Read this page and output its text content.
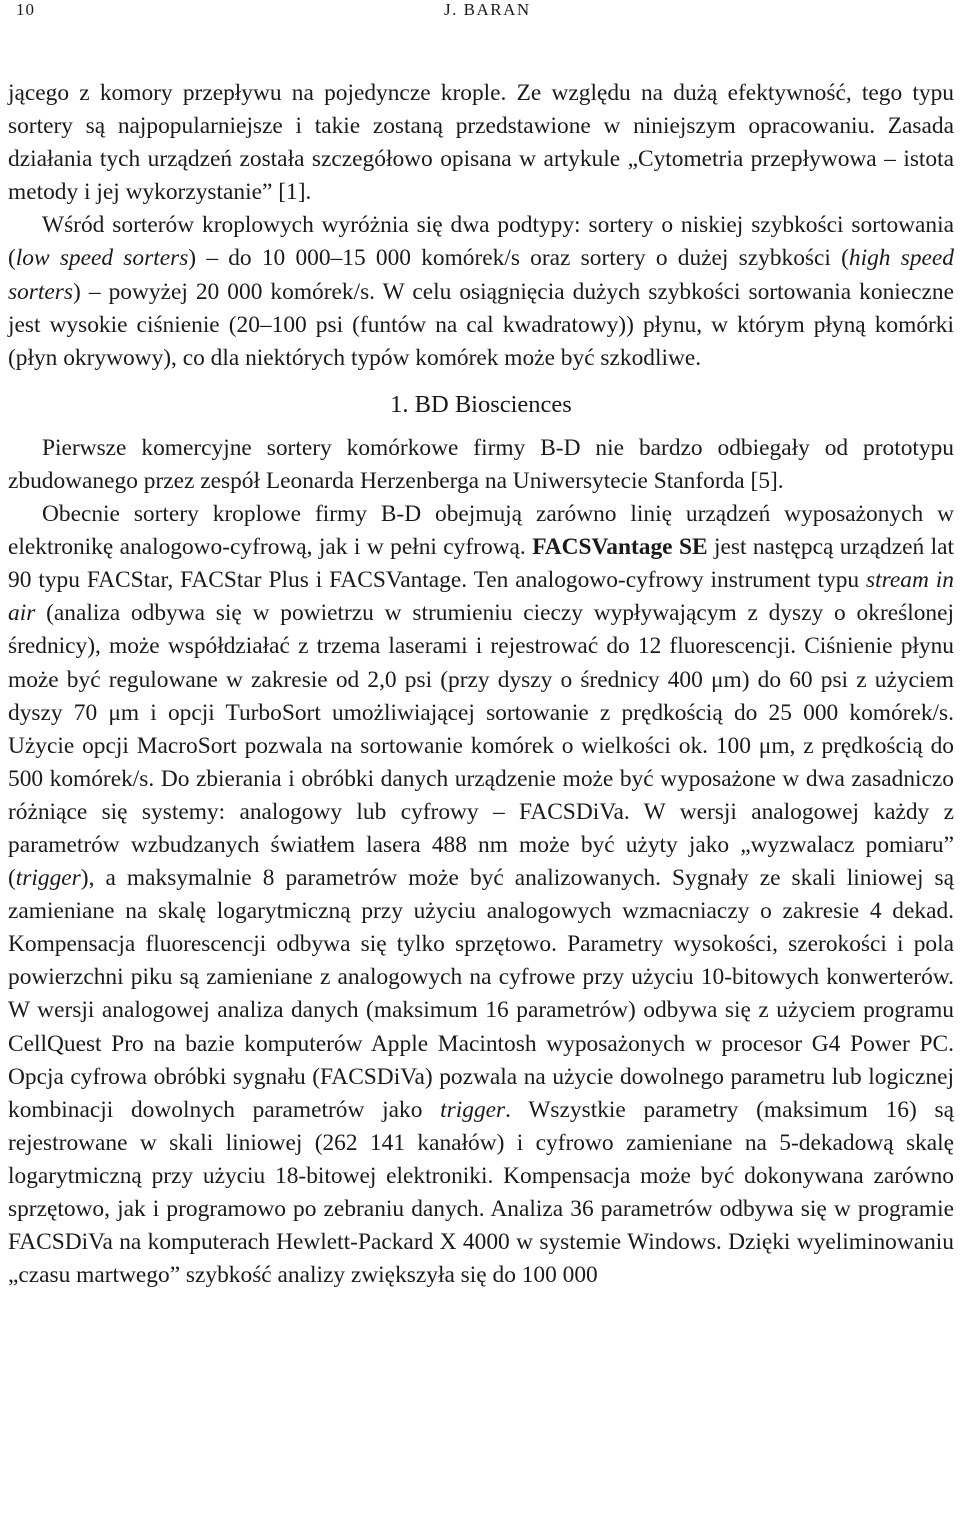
10	J. BARAN

jącego z komory przepływu na pojedyncze krople. Ze względu na dużą efektywność, tego typu sortery są najpopularniejsze i takie zostaną przedstawione w niniejszym opracowaniu. Zasada działania tych urządzeń została szczegółowo opisana w artykule „Cytometria przepływowa – istota metody i jej wykorzystanie” [1].

Wśród sorterów kroplowych wyróżnia się dwa podtypy: sortery o niskiej szybkości sortowania (low speed sorters) – do 10 000–15 000 komórek/s oraz sortery o dużej szybkości (high speed sorters) – powyżej 20 000 komórek/s. W celu osiągnięcia dużych szybkości sortowania konieczne jest wysokie ciśnienie (20–100 psi (funtów na cal kwadratowy)) płynu, w którym płyną komórki (płyn okrywowy), co dla niektórych typów komórek może być szkodliwe.

1. BD Biosciences

Pierwsze komercyjne sortery komórkowe firmy B-D nie bardzo odbiegały od prototypu zbudowanego przez zespół Leonarda Herzenberga na Uniwersytecie Stanforda [5].

Obecnie sortery kroplowe firmy B-D obejmują zarówno linię urządzeń wyposażonych w elektronikę analogowo-cyfrową, jak i w pełni cyfrową. FACSVantage SE jest następcą urządzeń lat 90 typu FACStar, FACStar Plus i FACSVantage. Ten analogowo-cyfrowy instrument typu stream in air (analiza odbywa się w powietrzu w strumieniu cieczy wypływającym z dyszy o określonej średnicy), może współdziałać z trzema laserami i rejestrować do 12 fluorescencji. Ciśnienie płynu może być regulowane w zakresie od 2,0 psi (przy dyszy o średnicy 400 μm) do 60 psi z użyciem dyszy 70 μm i opcji TurboSort umożliwiającej sortowanie z prędkością do 25 000 komórek/s. Użycie opcji MacroSort pozwala na sortowanie komórek o wielkości ok. 100 μm, z prędkością do 500 komórek/s. Do zbierania i obróbki danych urządzenie może być wyposażone w dwa zasadniczo różniące się systemy: analogowy lub cyfrowy – FACSDiVa. W wersji analogowej każdy z parametrów wzbudzanych światłem lasera 488 nm może być użyty jako „wyzwalacz pomiaru” (trigger), a maksymalnie 8 parametrów może być analizowanych. Sygnały ze skali liniowej są zamieniane na skalę logarytmiczną przy użyciu analogowych wzmacniaczy o zakresie 4 dekad. Kompensacja fluorescencji odbywa się tylko sprzętowo. Parametry wysokości, szerokości i pola powierzchni piku są zamieniane z analogowych na cyfrowe przy użyciu 10-bitowych konwerterów. W wersji analogowej analiza danych (maksimum 16 parametrów) odbywa się z użyciem programu CellQuest Pro na bazie komputerów Apple Macintosh wyposażonych w procesor G4 Power PC. Opcja cyfrowa obróbki sygnału (FACSDiVa) pozwala na użycie dowolnego parametru lub logicznej kombinacji dowolnych parametrów jako trigger. Wszystkie parametry (maksimum 16) są rejestrowane w skali liniowej (262 141 kanałów) i cyfrowo zamieniane na 5-dekadową skalę logarytmiczną przy użyciu 18-bitowej elektroniki. Kompensacja może być dokonywana zarówno sprzętowo, jak i programowo po zebraniu danych. Analiza 36 parametrów odbywa się w programie FACSDiVa na komputerach Hewlett-Packard X 4000 w systemie Windows. Dzięki wyeliminowaniu „czasu martwego” szybkość analizy zwiększyła się do 100 000
